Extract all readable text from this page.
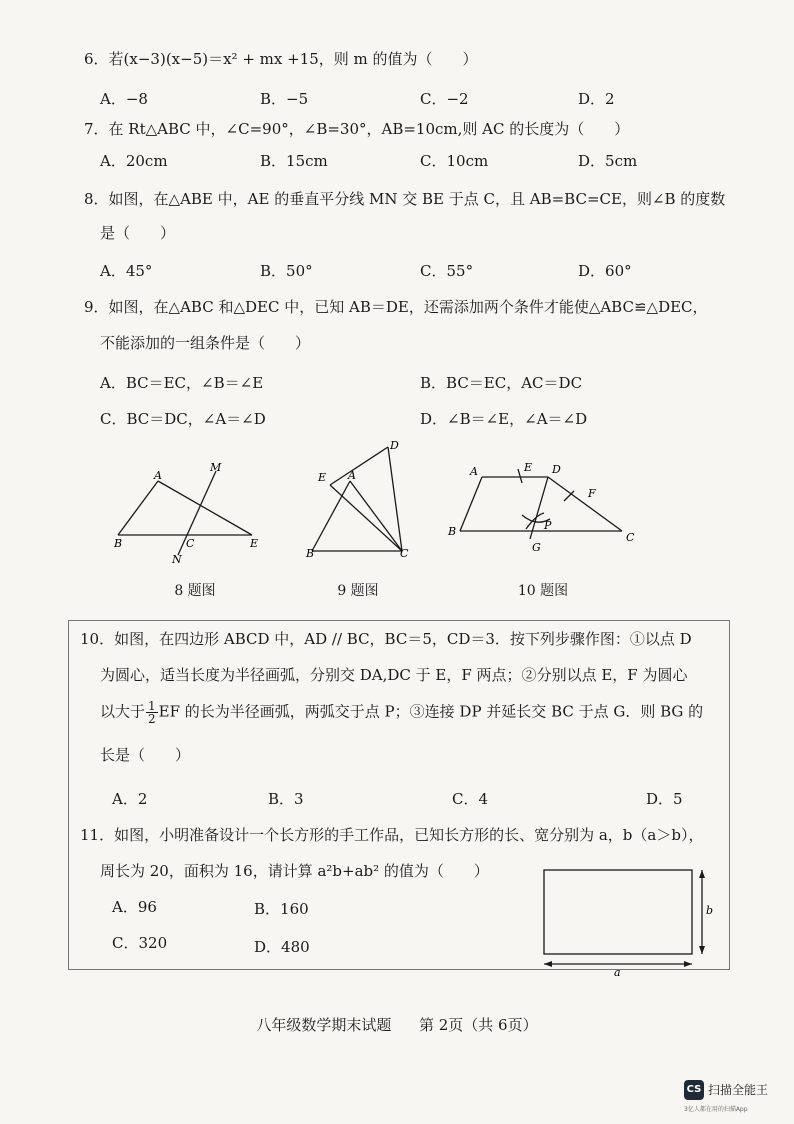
6．若(x−3)(x−5)＝x² + mx +15，则 m 的值为（　　）
A．−8	B．−5	C．−2	D．2
7．在 Rt△ABC 中，∠C=90°，∠B=30°，AB=10cm,则 AC 的长度为（　　）
A．20cm	B．15cm	C．10cm	D．5cm
8．如图，在△ABE 中，AE 的垂直平分线 MN 交 BE 于点 C，且 AB=BC=CE，则∠B 的度数
是（　　）
A．45°	B．50°	C．55°	D．60°
9．如图，在△ABC 和△DEC 中，已知 AB＝DE，还需添加两个条件才能使△ABC≌△DEC，
不能添加的一组条件是（　　）
A．BC＝EC，∠B＝∠E	B．BC＝EC，AC＝DC
C．BC＝DC，∠A＝∠D	D．∠B＝∠E，∠A＝∠D
A
M
B	C	E
N
8 题图
D
E A
B	C
9 题图
A	E D
F
P
B
G
C
10 题图
10．如图，在四边形 ABCD 中，AD // BC，BC＝5，CD＝3．按下列步骤作图：①以点 D
为圆心，适当长度为半径画弧，分别交 DA,DC 于 E，F 两点；②分别以点 E，F 为圆心
以大于 $\frac{1}{2}$ EF 的长为半径画弧，两弧交于点 P；③连接 DP 并延长交 BC 于点 G．则 BG 的
长是（　　）
A．2	B．3	C．4	D．5
11．如图，小明准备设计一个长方形的手工作品，已知长方形的长、宽分别为 a，b（a＞b），
周长为 20，面积为 16，请计算 a²b+ab² 的值为（　　）
A．96	B．160
C．320	D．480
a
b
八年级数学期末试题 第 2页（共 6页）
CS 扫描全能王
3亿人都在用的扫描App
